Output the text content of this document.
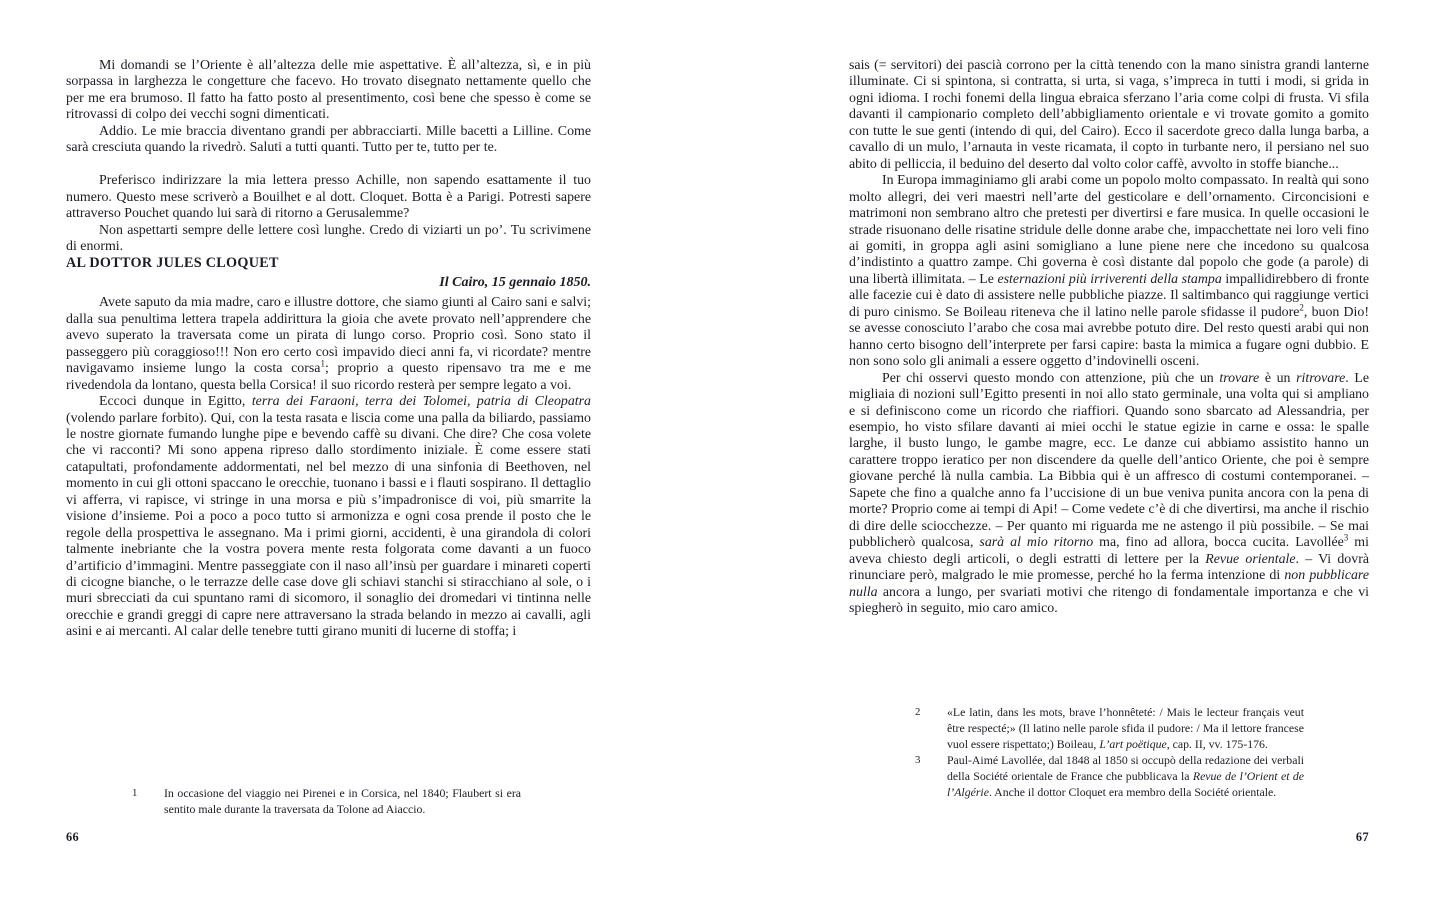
Mi domandi se l’Oriente è all’altezza delle mie aspettative. È all’altezza, sì, e in più sorpassa in larghezza le congetture che facevo. Ho trovato disegnato nettamente quello che per me era brumoso. Il fatto ha fatto posto al presentimento, così bene che spesso è come se ritrovassi di colpo dei vecchi sogni dimenticati.

Addio. Le mie braccia diventano grandi per abbracciarti. Mille bacetti a Lilline. Come sarà cresciuta quando la rivedrò. Saluti a tutti quanti. Tutto per te, tutto per te.

Preferisco indirizzare la mia lettera presso Achille, non sapendo esattamente il tuo numero. Questo mese scriverò a Bouilhet e al dott. Cloquet. Botta è a Parigi. Potresti sapere attraverso Pouchet quando lui sarà di ritorno a Gerusalemme?

Non aspettarti sempre delle lettere così lunghe. Credo di viziarti un po’. Tu scrivimene di enormi.

AL DOTTOR JULES CLOQUET
Il Cairo, 15 gennaio 1850.

Avete saputo da mia madre, caro e illustre dottore, che siamo giunti al Cairo sani e salvi; dalla sua penultima lettera trapela addirittura la gioia che avete provato nell’apprendere che avevo superato la traversata come un pirata di lungo corso. Proprio così. Sono stato il passeggero più coraggioso!!! Non ero certo così impavido dieci anni fa, vi ricordate? mentre navigavamo insieme lungo la costa corsa$^1$; proprio a questo ripensavo tra me e me rivedendola da lontano, questa bella Corsica! il suo ricordo resterà per sempre legato a voi.

Eccoci dunque in Egitto, terra dei Faraoni, terra dei Tolomei, patria di Cleopatra (volendo parlare forbito). Qui, con la testa rasata e liscia come una palla da biliardo, passiamo le nostre giornate fumando lunghe pipe e bevendo caffè su divani. Che dire? Che cosa volete che vi racconti? Mi sono appena ripreso dallo stordimento iniziale. È come essere stati catapultati, profondamente addormentati, nel bel mezzo di una sinfonia di Beethoven, nel momento in cui gli ottoni spaccano le orecchie, tuonano i bassi e i flauti sospirano. Il dettaglio vi afferra, vi rapisce, vi stringe in una morsa e più s’impadronisce di voi, più smarrite la visione d’insieme. Poi a poco a poco tutto si armonizza e ogni cosa prende il posto che le regole della prospettiva le assegnano. Ma i primi giorni, accidenti, è una girandola di colori talmente inebriante che la vostra povera mente resta folgorata come davanti a un fuoco d’artificio d’immagini. Mentre passeggiate con il naso all’insù per guardare i minareti coperti di cicogne bianche, o le terrazze delle case dove gli schiavi stanchi si stiracchiano al sole, o i muri sbrecciati da cui spuntano rami di sicomoro, il sonaglio dei dromedari vi tintinna nelle orecchie e grandi greggi di capre nere attraversano la strada belando in mezzo ai cavalli, agli asini e ai mercanti. Al calar delle tenebre tutti girano muniti di lucerne di stoffa; i

1	In occasione del viaggio nei Pirenei e in Corsica, nel 1840; Flaubert si era sentito male durante la traversata da Tolone ad Aiaccio.
66

sais (= servitori) dei pascià corrono per la città tenendo con la mano sinistra grandi lanterne illuminate. Ci si spintona, si contratta, si urta, si vaga, s’impreca in tutti i modi, si grida in ogni idioma. I rochi fonemi della lingua ebraica sferzano l’aria come colpi di frusta. Vi sfila davanti il campionario completo dell’abbigliamento orientale e vi trovate gomito a gomito con tutte le sue genti (intendo di qui, del Cairo). Ecco il sacerdote greco dalla lunga barba, a cavallo di un mulo, l’arnauta in veste ricamata, il copto in turbante nero, il persiano nel suo abito di pelliccia, il beduino del deserto dal volto color caffè, avvolto in stoffe bianche...

In Europa immaginiamo gli arabi come un popolo molto compassato. In realtà qui sono molto allegri, dei veri maestri nell’arte del gesticolare e dell’ornamento. Circoncisioni e matrimoni non sembrano altro che pretesti per divertirsi e fare musica. In quelle occasioni le strade risuonano delle risatine stridule delle donne arabe che, impacchettate nei loro veli fino ai gomiti, in groppa agli asini somigliano a lune piene nere che incedono su qualcosa d’indistinto a quattro zampe. Chi governa è così distante dal popolo che gode (a parole) di una libertà illimitata. – Le esternazioni più irriverenti della stampa impallidirebbero di fronte alle facezie cui è dato di assistere nelle pubbliche piazze. Il saltimbanco qui raggiunge vertici di puro cinismo. Se Boileau riteneva che il latino nelle parole sfidasse il pudore$^2$, buon Dio! se avesse conosciuto l’arabo che cosa mai avrebbe potuto dire. Del resto questi arabi qui non hanno certo bisogno dell’interprete per farsi capire: basta la mimica a fugare ogni dubbio. E non sono solo gli animali a essere oggetto d’indovinelli osceni.

Per chi osservi questo mondo con attenzione, più che un trovare è un ritrovare. Le migliaia di nozioni sull’Egitto presenti in noi allo stato germinale, una volta qui si ampliano e si definiscono come un ricordo che riaffiori. Quando sono sbarcato ad Alessandria, per esempio, ho visto sfilare davanti ai miei occhi le statue egizie in carne e ossa: le spalle larghe, il busto lungo, le gambe magre, ecc. Le danze cui abbiamo assistito hanno un carattere troppo ieratico per non discendere da quelle dell’antico Oriente, che poi è sempre giovane perché là nulla cambia. La Bibbia qui è un affresco di costumi contemporanei. – Sapete che fino a qualche anno fa l’uccisione di un bue veniva punita ancora con la pena di morte? Proprio come ai tempi di Api! – Come vedete c’è di che divertirsi, ma anche il rischio di dire delle sciocchezze. – Per quanto mi riguarda me ne astengo il più possibile. – Se mai pubblicherò qualcosa, sarà al mio ritorno ma, fino ad allora, bocca cucita. Lavollée$^3$ mi aveva chiesto degli articoli, o degli estratti di lettere per la Revue orientale. – Vi dovrà rinunciare però, malgrado le mie promesse, perché ho la ferma intenzione di non pubblicare nulla ancora a lungo, per svariati motivi che ritengo di fondamentale importanza e che vi spiegherò in seguito, mio caro amico.

2	«Le latin, dans les mots, brave l’honnêteté: / Mais le lecteur français veut être respecté;» (Il latino nelle parole sfida il pudore: / Ma il lettore francese vuol essere rispettato;) Boileau, L’art poëtique, cap. II, vv. 175-176.
3	Paul-Aimé Lavollée, dal 1848 al 1850 si occupò della redazione dei verbali della Société orientale de France che pubblicava la Revue de l’Orient et de l’Algérie. Anche il dottor Cloquet era membro della Société orientale.
67
